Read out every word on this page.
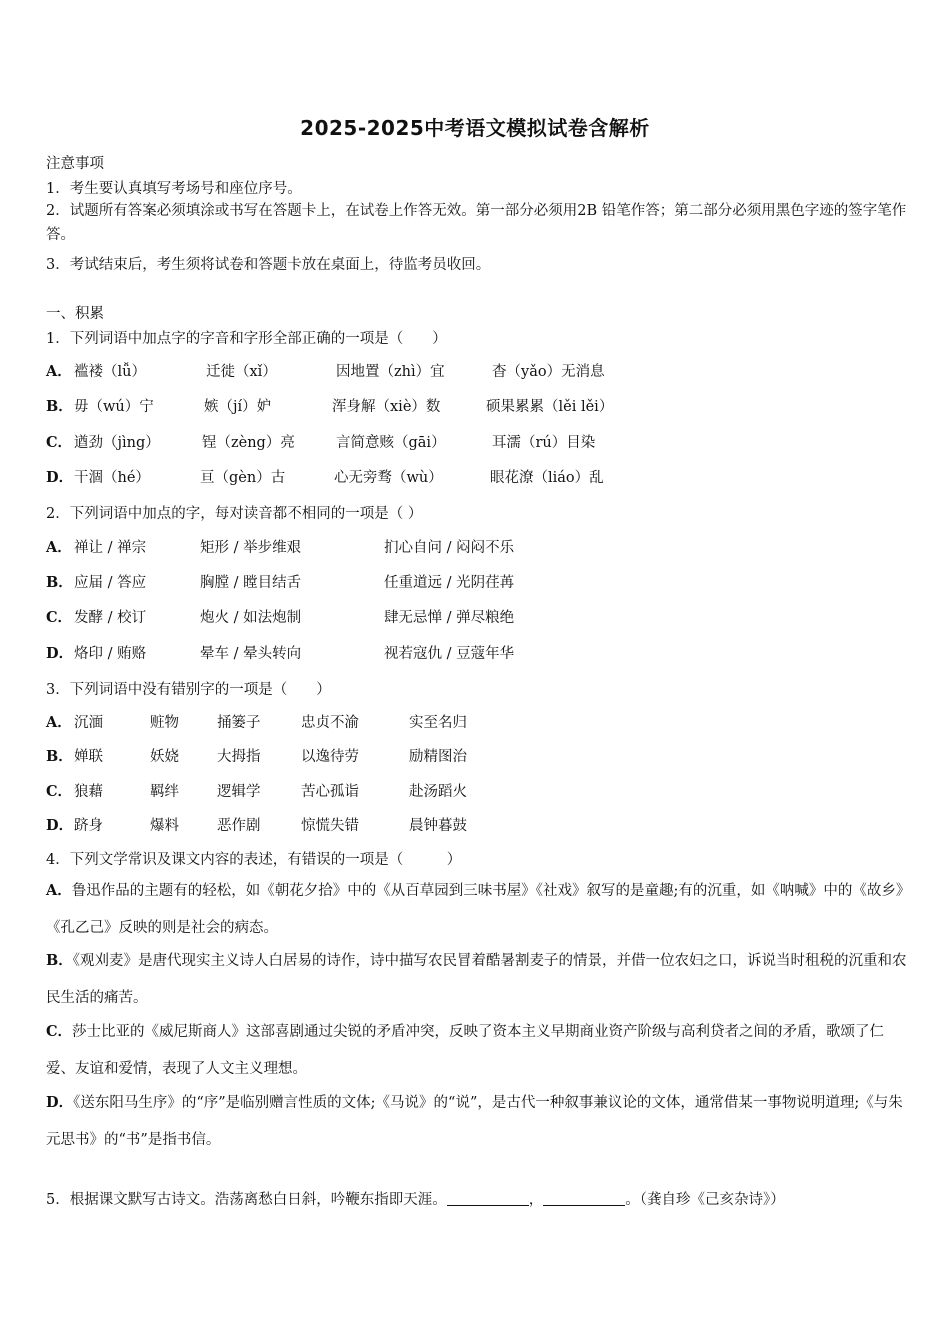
2025-2025中考语文模拟试卷含解析
注意事项
1．考生要认真填写考场号和座位序号。
2．试题所有答案必须填涂或书写在答题卡上，在试卷上作答无效。第一部分必须用2B 铅笔作答；第二部分必须用黑色字迹的签字笔作答。
3．考试结束后，考生须将试卷和答题卡放在桌面上，待监考员收回。
一、积累
1．下列词语中加点字的字音和字形全部正确的一项是（　　）
A． 褴褛（lǚ）	迁徙（xǐ）	因地置（zhì）宜	杳（yǎo）无消息
B． 毋（wú）宁	嫉（jí）妒	浑身解（xiè）数	硕果累累（lěi lěi）
C． 遒劲（jìng）	锃（zèng）亮	言简意赅（gāi）	耳濡（rú）目染
D． 干涸（hé）	亘（gèn）古	心无旁骛（wù）	眼花潦（liáo）乱
2．下列词语中加点的字，每对读音都不相同的一项是（ ）
A． 禅让 / 禅宗	矩形 / 举步维艰	扪心自问 / 闷闷不乐
B． 应届 / 答应	胸膛 / 瞠目结舌	任重道远 / 光阴荏苒
C． 发酵 / 校订	炮火 / 如法炮制	肆无忌惮 / 弹尽粮绝
D． 烙印 / 贿赂	晕车 / 晕头转向	视若寇仇 / 豆蔻年华
3．下列词语中没有错别字的一项是（　　）
A． 沉湎	赃物	捅篓子	忠贞不渝	实至名归
B． 婵联	妖娆	大拇指	以逸待劳	励精图治
C． 狼藉	羁绊	逻辑学	苦心孤诣	赴汤蹈火
D． 跻身	爆料	恶作剧	惊慌失错	晨钟暮鼓
4．下列文学常识及课文内容的表述，有错误的一项是（　　　）
A．鲁迅作品的主题有的轻松，如《朝花夕拾》中的《从百草园到三味书屋》《社戏》叙写的是童趣;有的沉重，如《呐喊》中的《故乡》《孔乙己》反映的则是社会的病态。
B．《观刈麦》是唐代现实主义诗人白居易的诗作，诗中描写农民冒着酷暑割麦子的情景，并借一位农妇之口，诉说当时租税的沉重和农民生活的痛苦。
C．莎士比亚的《威尼斯商人》这部喜剧通过尖锐的矛盾冲突，反映了资本主义早期商业资产阶级与高利贷者之间的矛盾，歌颂了仁爱、友谊和爱情，表现了人文主义理想。
D．《送东阳马生序》的“序”是临别赠言性质的文体;《马说》的“说”，是古代一种叙事兼议论的文体，通常借某一事物说明道理;《与朱元思书》的“书”是指书信。
5．根据课文默写古诗文。浩荡离愁白日斜，吟鞭东指即天涯。	，	。（龚自珍《己亥杂诗》）
